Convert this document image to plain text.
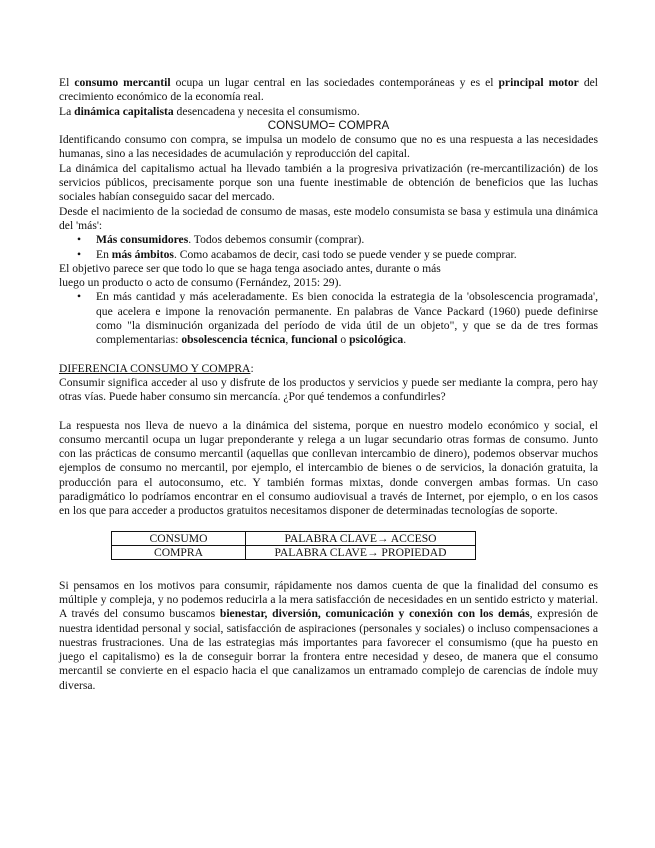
El consumo mercantil ocupa un lugar central en las sociedades contemporáneas y es el principal motor del crecimiento económico de la economía real.

La dinámica capitalista desencadena y necesita el consumismo.

CONSUMO= COMPRA

Identificando consumo con compra, se impulsa un modelo de consumo que no es una respuesta a las necesidades humanas, sino a las necesidades de acumulación y reproducción del capital.

La dinámica del capitalismo actual ha llevado también a la progresiva privatización (re-mercantilización) de los servicios públicos, precisamente porque son una fuente inestimable de obtención de beneficios que las luchas sociales habían conseguido sacar del mercado.

Desde el nacimiento de la sociedad de consumo de masas, este modelo consumista se basa y estimula una dinámica del 'más':

• Más consumidores. Todos debemos consumir (comprar).
• En más ámbitos. Como acabamos de decir, casi todo se puede vender y se puede comprar.

El objetivo parece ser que todo lo que se haga tenga asociado antes, durante o más

luego un producto o acto de consumo (Fernández, 2015: 29).

• En más cantidad y más aceleradamente. Es bien conocida la estrategia de la 'obsolescencia programada', que acelera e impone la renovación permanente. En palabras de Vance Packard (1960) puede definirse como "la disminución organizada del período de vida útil de un objeto", y que se da de tres formas complementarias: obsolescencia técnica, funcional o psicológica.

DIFERENCIA CONSUMO Y COMPRA:

Consumir significa acceder al uso y disfrute de los productos y servicios y puede ser mediante la compra, pero hay otras vías. Puede haber consumo sin mercancía. ¿Por qué tendemos a confundirles?

La respuesta nos lleva de nuevo a la dinámica del sistema, porque en nuestro modelo económico y social, el consumo mercantil ocupa un lugar preponderante y relega a un lugar secundario otras formas de consumo. Junto con las prácticas de consumo mercantil (aquellas que conllevan intercambio de dinero), podemos observar muchos ejemplos de consumo no mercantil, por ejemplo, el intercambio de bienes o de servicios, la donación gratuita, la producción para el autoconsumo, etc. Y también formas mixtas, donde convergen ambas formas. Un caso paradigmático lo podríamos encontrar en el consumo audiovisual a través de Internet, por ejemplo, o en los casos en los que para acceder a productos gratuitos necesitamos disponer de determinadas tecnologías de soporte.

CONSUMO	PALABRA CLAVE→ ACCESO
COMPRA	PALABRA CLAVE→ PROPIEDAD

Si pensamos en los motivos para consumir, rápidamente nos damos cuenta de que la finalidad del consumo es múltiple y compleja, y no podemos reducirla a la mera satisfacción de necesidades en un sentido estricto y material. A través del consumo buscamos bienestar, diversión, comunicación y conexión con los demás, expresión de nuestra identidad personal y social, satisfacción de aspiraciones (personales y sociales) o incluso compensaciones a nuestras frustraciones. Una de las estrategias más importantes para favorecer el consumismo (que ha puesto en juego el capitalismo) es la de conseguir borrar la frontera entre necesidad y deseo, de manera que el consumo mercantil se convierte en el espacio hacia el que canalizamos un entramado complejo de carencias de índole muy diversa.
